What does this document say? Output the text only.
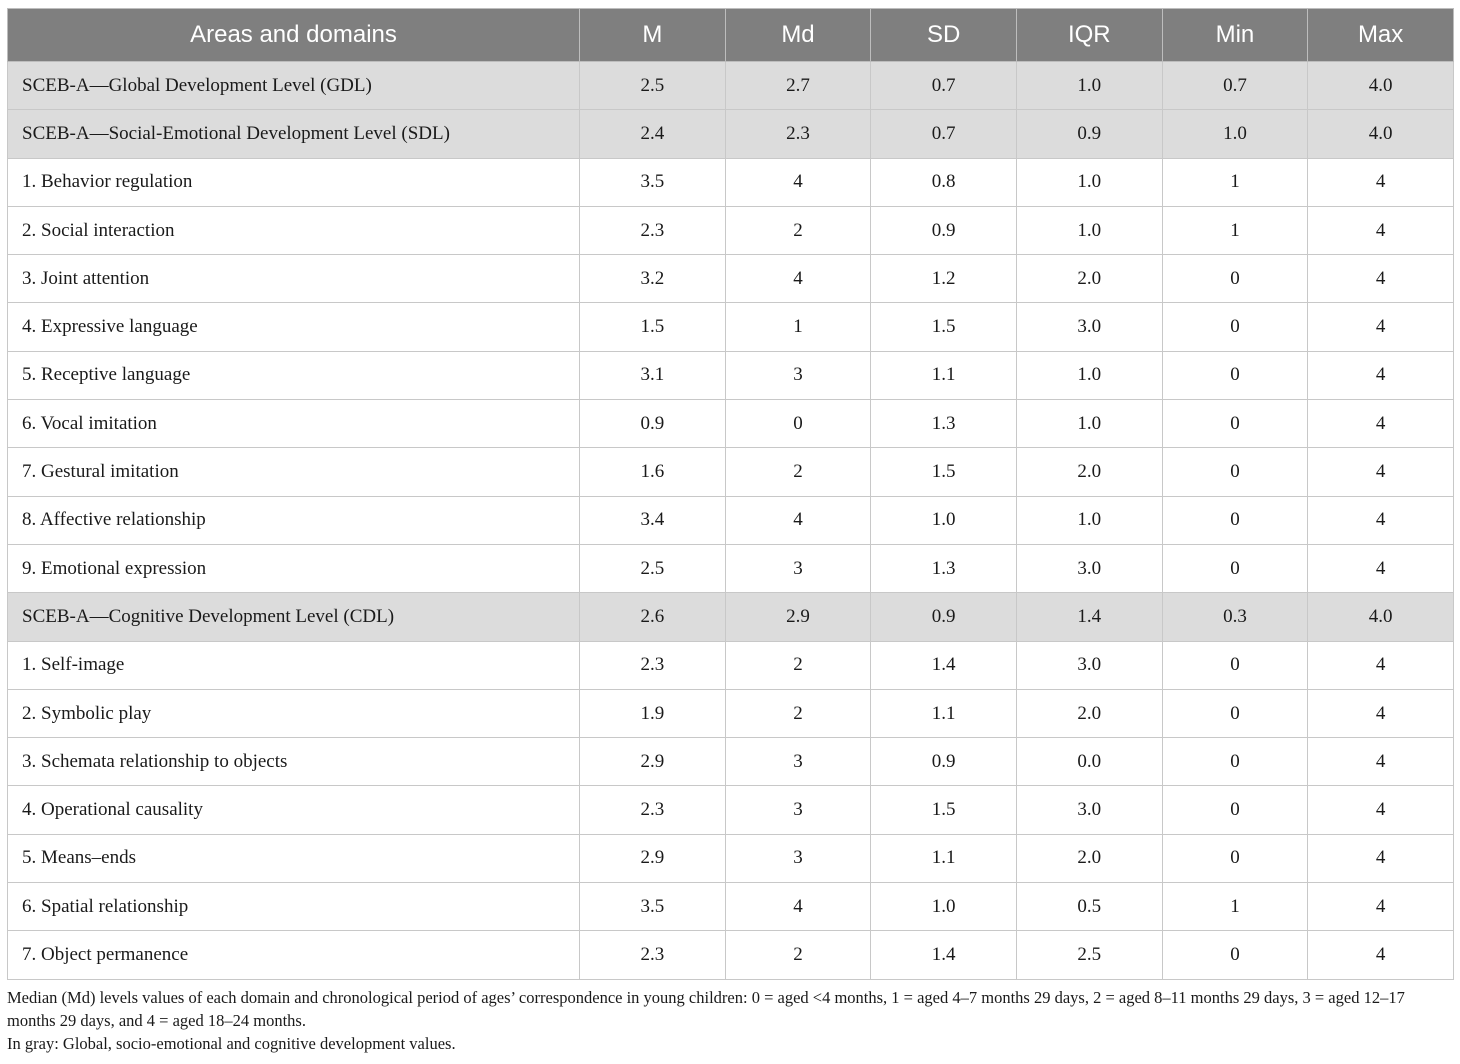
Areas and domains	M	Md	SD	IQR	Min	Max
SCEB-A—Global Development Level (GDL)	2.5	2.7	0.7	1.0	0.7	4.0
SCEB-A—Social-Emotional Development Level (SDL)	2.4	2.3	0.7	0.9	1.0	4.0
1. Behavior regulation	3.5	4	0.8	1.0	1	4
2. Social interaction	2.3	2	0.9	1.0	1	4
3. Joint attention	3.2	4	1.2	2.0	0	4
4. Expressive language	1.5	1	1.5	3.0	0	4
5. Receptive language	3.1	3	1.1	1.0	0	4
6. Vocal imitation	0.9	0	1.3	1.0	0	4
7. Gestural imitation	1.6	2	1.5	2.0	0	4
8. Affective relationship	3.4	4	1.0	1.0	0	4
9. Emotional expression	2.5	3	1.3	3.0	0	4
SCEB-A—Cognitive Development Level (CDL)	2.6	2.9	0.9	1.4	0.3	4.0
1. Self-image	2.3	2	1.4	3.0	0	4
2. Symbolic play	1.9	2	1.1	2.0	0	4
3. Schemata relationship to objects	2.9	3	0.9	0.0	0	4
4. Operational causality	2.3	3	1.5	3.0	0	4
5. Means–ends	2.9	3	1.1	2.0	0	4
6. Spatial relationship	3.5	4	1.0	0.5	1	4
7. Object permanence	2.3	2	1.4	2.5	0	4

Median (Md) levels values of each domain and chronological period of ages’ correspondence in young children: 0 = aged <4 months, 1 = aged 4–7 months 29 days, 2 = aged 8–11 months 29 days, 3 = aged 12–17 months 29 days, and 4 = aged 18–24 months.

In gray: Global, socio-emotional and cognitive development values.
